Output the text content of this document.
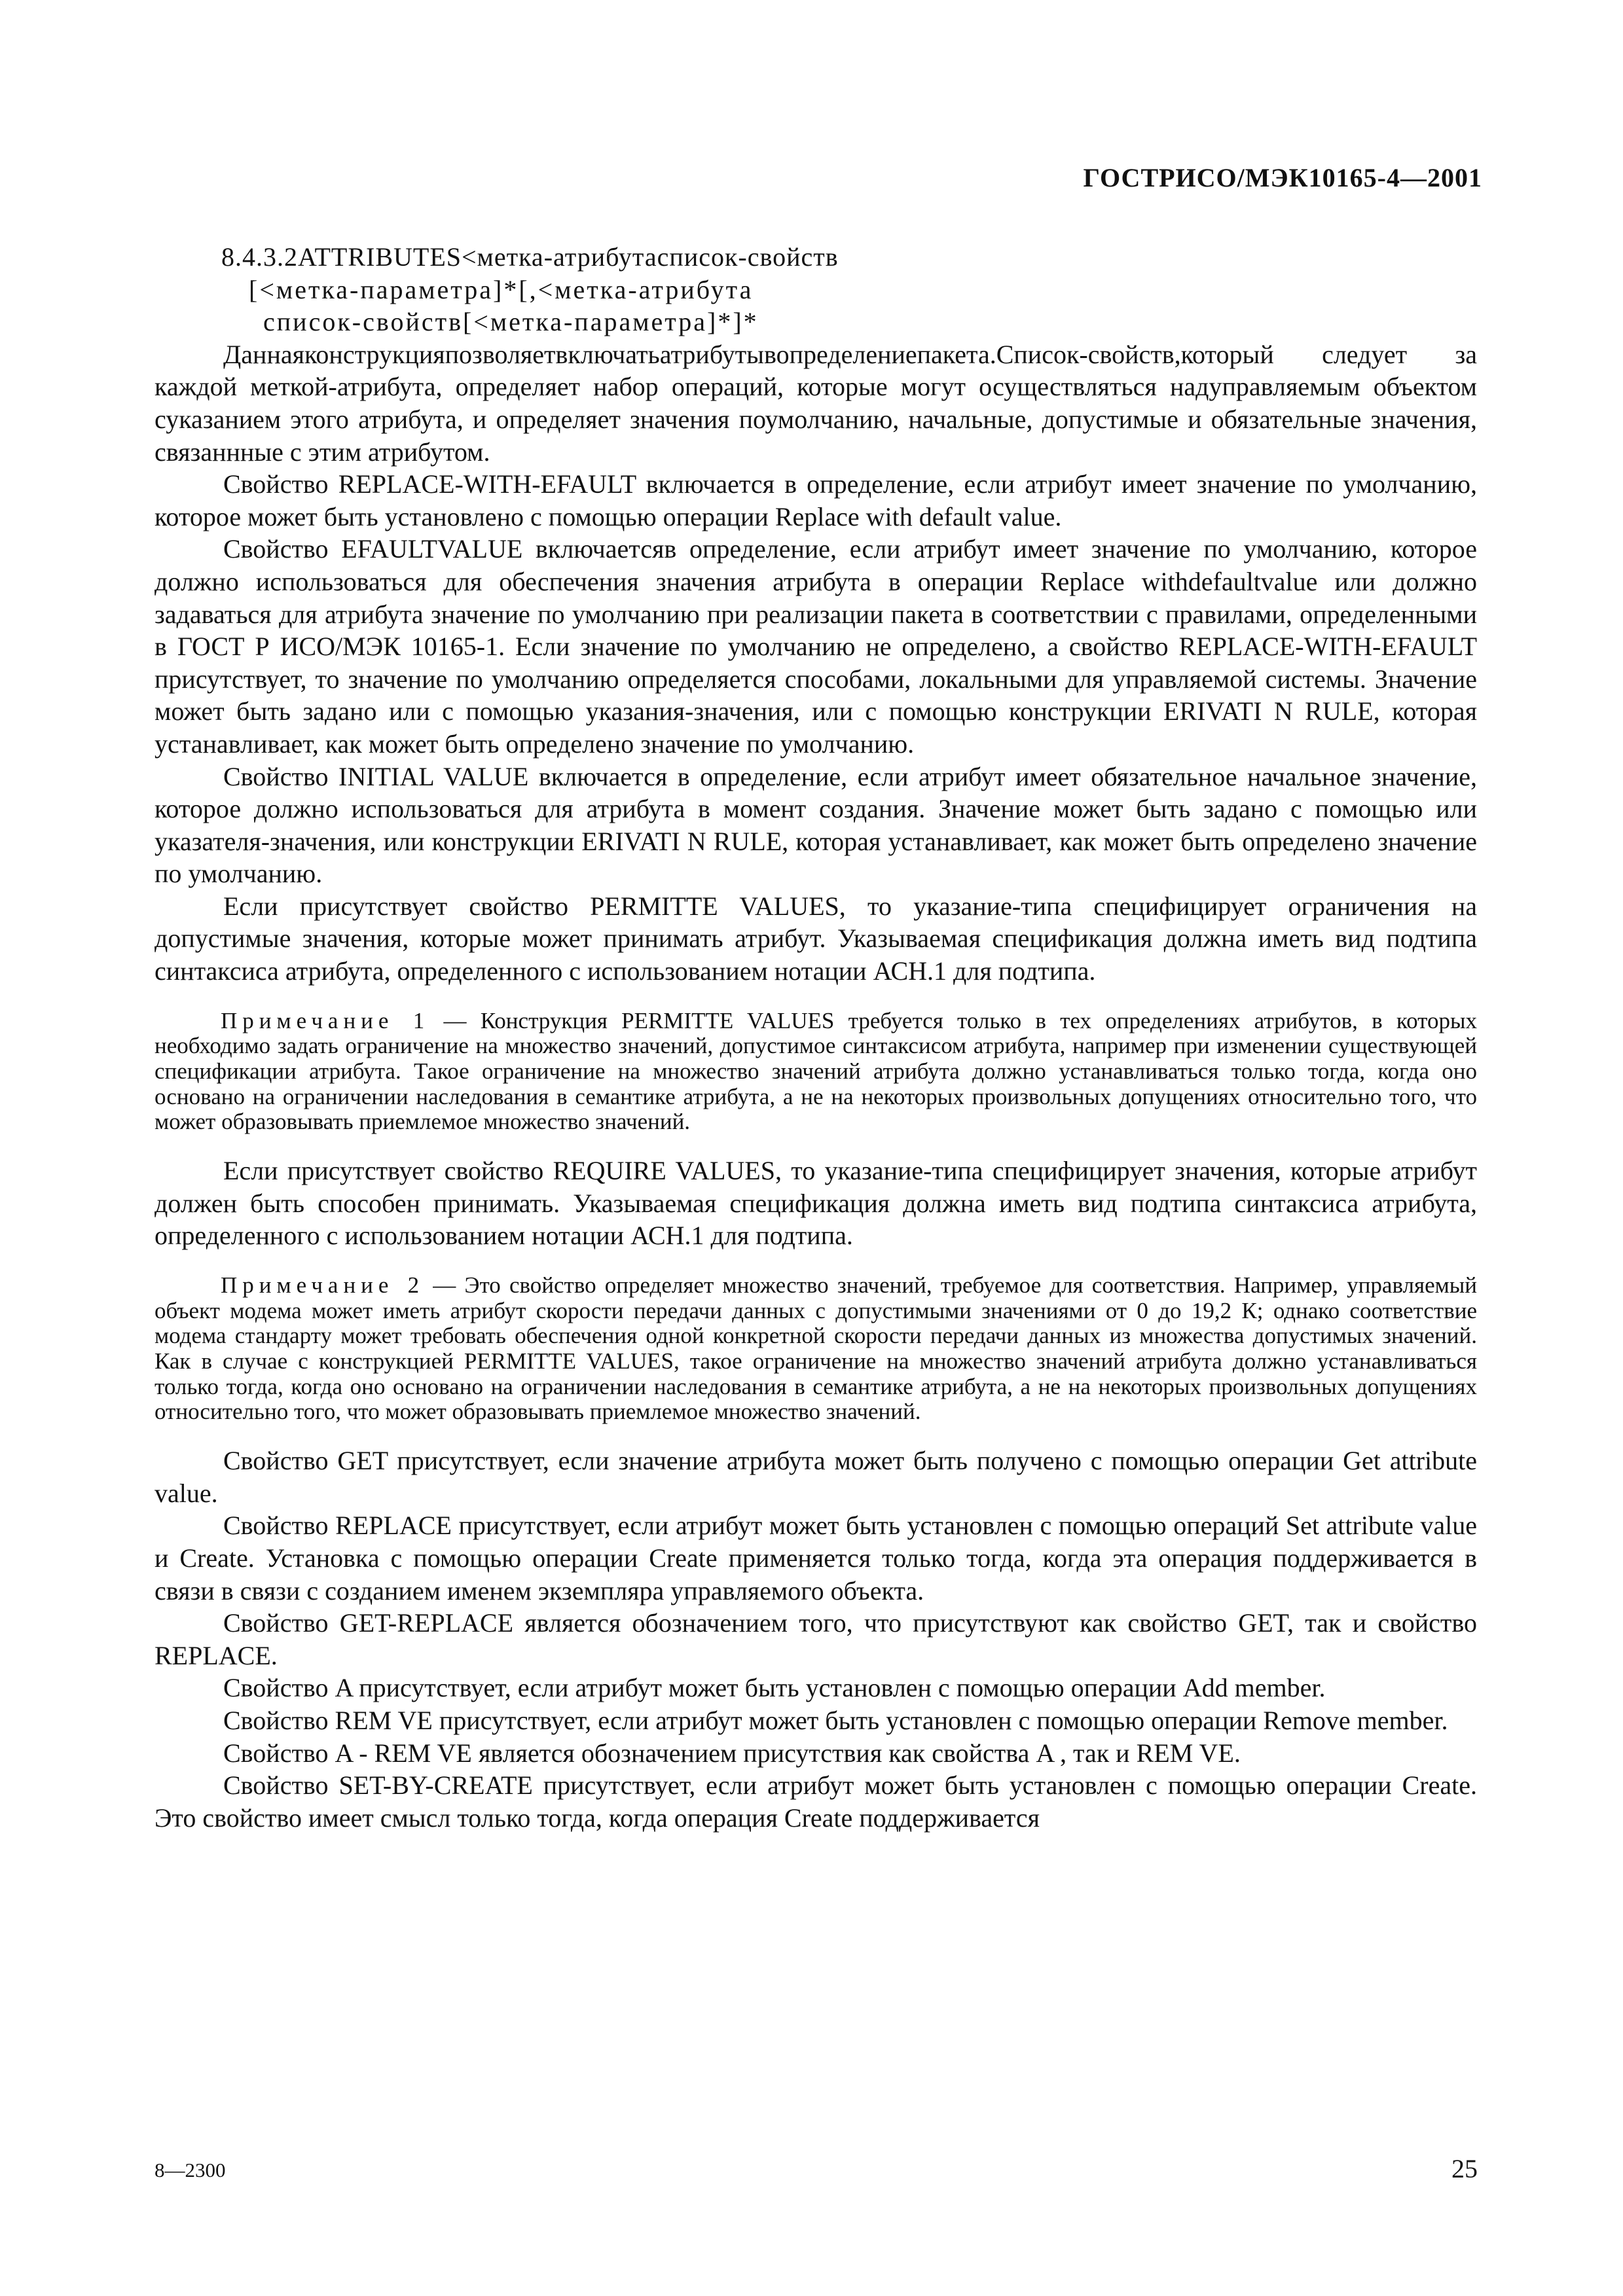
ГОСТРИСО/МЭК10165-4—2001
8.4.3.2ATTRIBUTES<метка-атрибутасписок-свойств
[<метка-параметра]*[,<метка-атрибута
список-свойств[<метка-параметра]*]*

Даннаяконструкцияпозволяетвключатьатрибутывопределениепакета.Список-свойств,который следует за каждой меткой-атрибута, определяет набор операций, которые могут осуществляться надуправляемым объектом суказанием этого атрибута, и определяет значения поумолчанию, начальные, допустимые и обязательные значения, связаннные с этим атрибутом.

Свойство REPLACE-WITH-EFAULT включается в определение, если атрибут имеет значение по умолчанию, которое может быть установлено с помощью операции Replace with default value.

Свойство EFAULTVALUE включаетсяв определение, если атрибут имеет значение по умолчанию, которое должно использоваться для обеспечения значения атрибута в операции Replace withdefaultvalue или должно задаваться для атрибута значение по умолчанию при реализации пакета в соответствии с правилами, определенными в ГОСТ Р ИСО/МЭК 10165-1. Если значение по умолчанию не определено, а свойство REPLACE-WITH-EFAULT присутствует, то значение по умолчанию определяется способами, локальными для управляемой системы. Значение может быть задано или с помощью указания-значения, или с помощью конструкции ERIVATI N RULE, которая устанавливает, как может быть определено значение по умолчанию.

Свойство INITIAL VALUE включается в определение, если атрибут имеет обязательное начальное значение, которое должно использоваться для атрибута в момент создания. Значение может быть задано с помощью или указателя-значения, или конструкции ERIVATI N RULE, которая устанавливает, как может быть определено значение по умолчанию.

Если присутствует свойство PERMITTE VALUES, то указание-типа специфицирует ограничения на допустимые значения, которые может принимать атрибут. Указываемая спецификация должна иметь вид подтипа синтаксиса атрибута, определенного с использованием нотации АСН.1 для подтипа.

Примечание 1 — Конструкция PERMITTE VALUES требуется только в тех определениях атрибутов, в которых необходимо задать ограничение на множество значений, допустимое синтаксисом атрибута, например при изменении существующей спецификации атрибута. Такое ограничение на множество значений атрибута должно устанавливаться только тогда, когда оно основано на ограничении наследования в семантике атрибута, а не на некоторых произвольных допущениях относительно того, что может образовывать приемлемое множество значений.

Если присутствует свойство REQUIRE VALUES, то указание-типа специфицирует значения, которые атрибут должен быть способен принимать. Указываемая спецификация должна иметь вид подтипа синтаксиса атрибута, определенного с использованием нотации АСН.1 для подтипа.

Примечание 2 — Это свойство определяет множество значений, требуемое для соответствия. Например, управляемый объект модема может иметь атрибут скорости передачи данных с допустимыми значениями от 0 до 19,2 К; однако соответствие модема стандарту может требовать обеспечения одной конкретной скорости передачи данных из множества допустимых значений. Как в случае с конструкцией PERMITTE VALUES, такое ограничение на множество значений атрибута должно устанавливаться только тогда, когда оно основано на ограничении наследования в семантике атрибута, а не на некоторых произвольных допущениях относительно того, что может образовывать приемлемое множество значений.

Свойство GET присутствует, если значение атрибута может быть получено с помощью операции Get attribute value.

Свойство REPLACE присутствует, если атрибут может быть установлен с помощью операций Set attribute value и Create. Установка с помощью операции Create применяется только тогда, когда эта операция поддерживается в связи в связи с созданием именем экземпляра управляемого объекта.

Свойство GET-REPLACE является обозначением того, что присутствуют как свойство GET, так и свойство REPLACE.

Свойство A присутствует, если атрибут может быть установлен с помощью операции Add member.

Свойство REM VE присутствует, если атрибут может быть установлен с помощью операции Remove member.

Свойство A - REM VE является обозначением присутствия как свойства A , так и REM VE.

Свойство SET-BY-CREATE присутствует, если атрибут может быть установлен с помощью операции Create. Это свойство имеет смысл только тогда, когда операция Create поддерживается

8—2300	25
